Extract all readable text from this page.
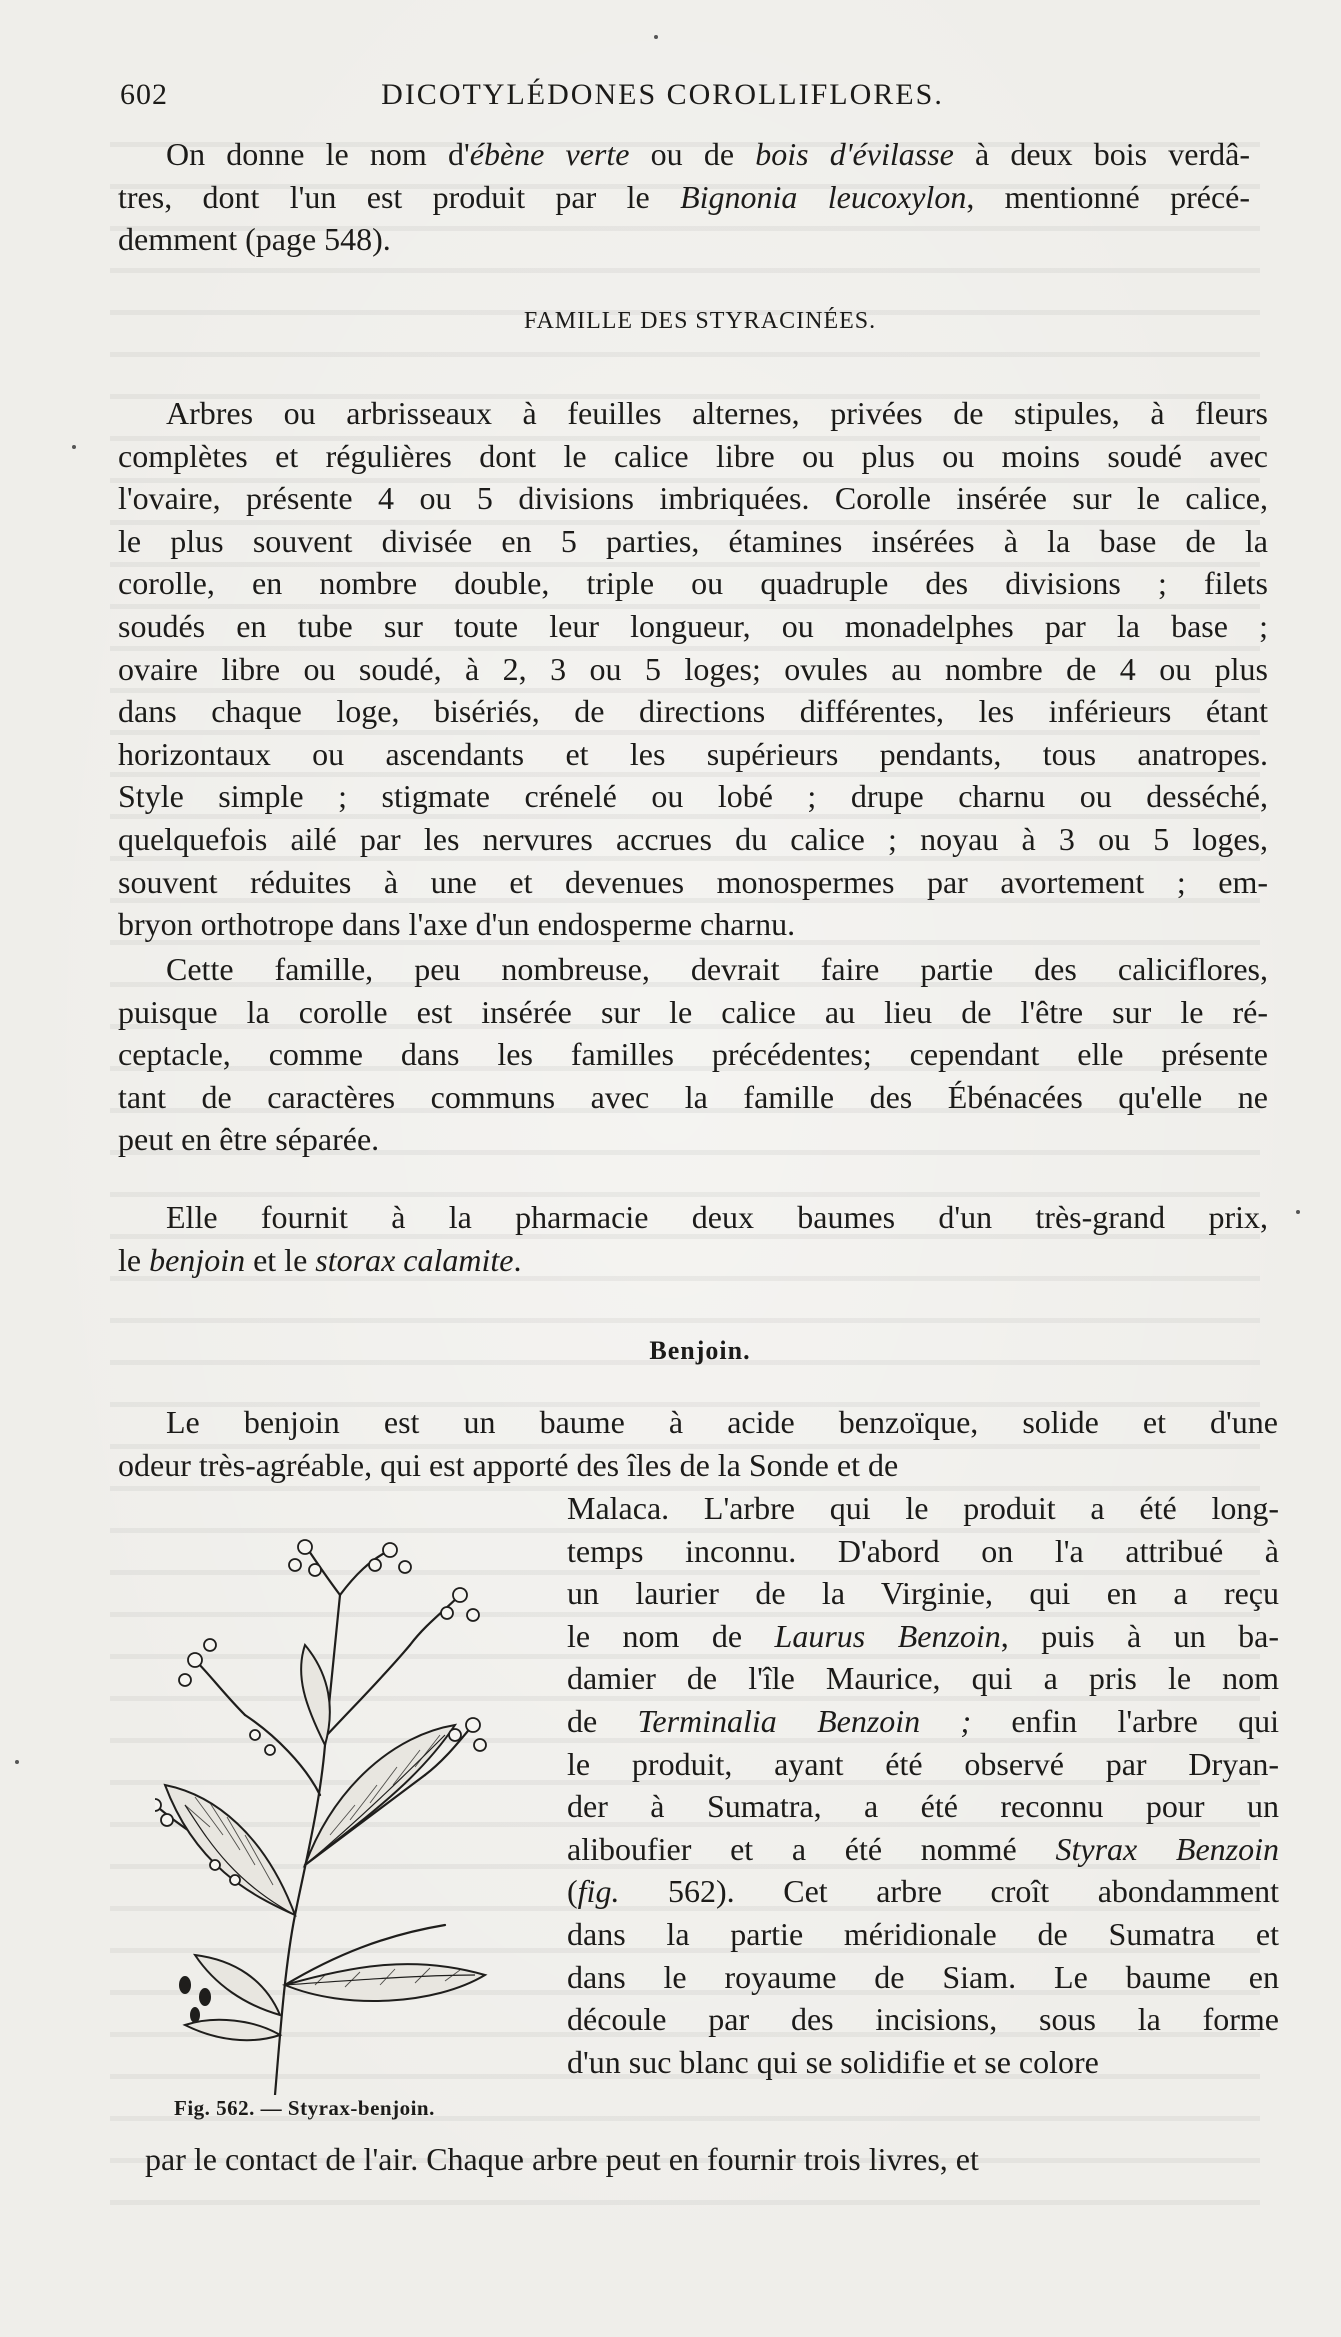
602	DICOTYLÉDONES COROLLIFLORES.
On donne le nom d'ébène verte ou de bois d'évilasse à deux bois verdâ-
tres, dont l'un est produit par le Bignonia leucoxylon, mentionné précé-
demment (page 548).
FAMILLE DES STYRACINÉES.
Arbres ou arbrisseaux à feuilles alternes, privées de stipules, à fleurs
complètes et régulières dont le calice libre ou plus ou moins soudé avec
l'ovaire, présente 4 ou 5 divisions imbriquées. Corolle insérée sur le calice,
le plus souvent divisée en 5 parties, étamines insérées à la base de la
corolle, en nombre double, triple ou quadruple des divisions ; filets
soudés en tube sur toute leur longueur, ou monadelphes par la base ;
ovaire libre ou soudé, à 2, 3 ou 5 loges; ovules au nombre de 4 ou plus
dans chaque loge, bisériés, de directions différentes, les inférieurs étant
horizontaux ou ascendants et les supérieurs pendants, tous anatropes.
Style simple ; stigmate crénelé ou lobé ; drupe charnu ou desséché,
quelquefois ailé par les nervures accrues du calice ; noyau à 3 ou 5 loges,
souvent réduites à une et devenues monospermes par avortement ; em-
bryon orthotrope dans l'axe d'un endosperme charnu.
Cette famille, peu nombreuse, devrait faire partie des caliciflores,
puisque la corolle est insérée sur le calice au lieu de l'être sur le ré-
ceptacle, comme dans les familles précédentes; cependant elle présente
tant de caractères communs avec la famille des Ébénacées qu'elle ne
peut en être séparée.
Elle fournit à la pharmacie deux baumes d'un très-grand prix,
le benjoin et le storax calamite.
Benjoin.
Le benjoin est un baume à acide benzoïque, solide et d'une
odeur très-agréable, qui est apporté des îles de la Sonde et de
Malaca. L'arbre qui le produit a été long-
temps inconnu. D'abord on l'a attribué à
un laurier de la Virginie, qui en a reçu
le nom de Laurus Benzoin, puis à un ba-
damier de l'île Maurice, qui a pris le nom
de Terminalia Benzoin ; enfin l'arbre qui
le produit, ayant été observé par Dryan-
der à Sumatra, a été reconnu pour un
aliboufier et a été nommé Styrax Benzoin
(fig. 562). Cet arbre croît abondamment
dans la partie méridionale de Sumatra et
dans le royaume de Siam. Le baume en
découle par des incisions, sous la forme
d'un suc blanc qui se solidifie et se colore
par le contact de l'air. Chaque arbre peut en fournir trois livres, et
Fig. 562. — Styrax-benjoin.
